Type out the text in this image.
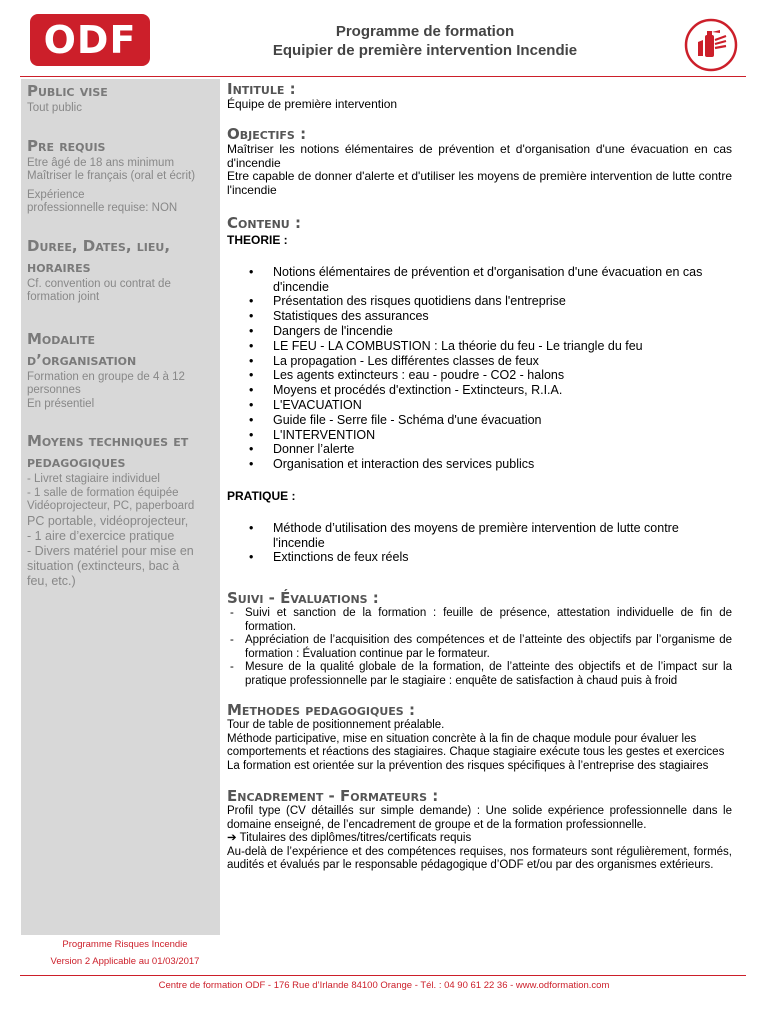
ODF	Programme de formation
Equipier de première intervention Incendie

Public vise

Tout public

Pre requis

Etre âgé de 18 ans minimum

Maîtriser le français (oral et écrit)

Expérience

professionnelle requise: NON

Duree, Dates, lieu,

horaires

Cf. convention ou contrat de

formation joint

Modalite

d’organisation

Formation en groupe de 4 à 12

personnes

En présentiel

Moyens techniques et

pedagogiques

- Livret stagiaire individuel

- 1 salle de formation équipée

Vidéoprojecteur, PC, paperboard

PC portable, vidéoprojecteur,

- 1 aire d’exercice pratique

- Divers matériel pour mise en

situation (extincteurs, bac à

feu, etc.)

Intitule :

Équipe de première intervention

Objectifs :

Maîtriser les notions élémentaires de prévention et d'organisation d'une évacuation en cas d'incendie

Etre capable de donner d'alerte et d'utiliser les moyens de première intervention de lutte contre l'incendie

Contenu :

THEORIE :

• Notions élémentaires de prévention et d'organisation d'une évacuation en cas d'incendie
• Présentation des risques quotidiens dans l'entreprise
• Statistiques des assurances
• Dangers de l'incendie
• LE FEU - LA COMBUSTION : La théorie du feu - Le triangle du feu
• La propagation - Les différentes classes de feux
• Les agents extincteurs : eau - poudre - CO2 - halons
• Moyens et procédés d'extinction - Extincteurs, R.I.A.
• L'EVACUATION
• Guide file - Serre file - Schéma d'une évacuation
• L'INTERVENTION
• Donner l’alerte
• Organisation et interaction des services publics

PRATIQUE :

• Méthode d’utilisation des moyens de première intervention de lutte contre l'incendie
• Extinctions de feux réels

Suivi - Évaluations :

- Suivi et sanction de la formation : feuille de présence, attestation individuelle de fin de formation.
- Appréciation de l’acquisition des compétences et de l’atteinte des objectifs par l’organisme de formation : Évaluation continue par le formateur.
- Mesure de la qualité globale de la formation, de l’atteinte des objectifs et de l’impact sur la pratique professionnelle par le stagiaire : enquête de satisfaction à chaud puis à froid

Methodes pedagogiques :

Tour de table de positionnement préalable.

Méthode participative, mise en situation concrète à la fin de chaque module pour évaluer les comportements et réactions des stagiaires. Chaque stagiaire exécute tous les gestes et exercices

La formation est orientée sur la prévention des risques spécifiques à l’entreprise des stagiaires

Encadrement - Formateurs :

Profil type (CV détaillés sur simple demande) : Une solide expérience professionnelle dans le domaine enseigné, de l’encadrement de groupe et de la formation professionnelle.

➔ Titulaires des diplômes/titres/certificats requis

Au-delà de l’expérience et des compétences requises, nos formateurs sont régulièrement, formés, audités et évalués par le responsable pédagogique d’ODF et/ou par des organismes extérieurs.

Programme Risques Incendie
Version 2 Applicable au 01/03/2017
Centre de formation ODF - 176 Rue d’Irlande 84100 Orange - Tél. : 04 90 61 22 36 - www.odformation.com
